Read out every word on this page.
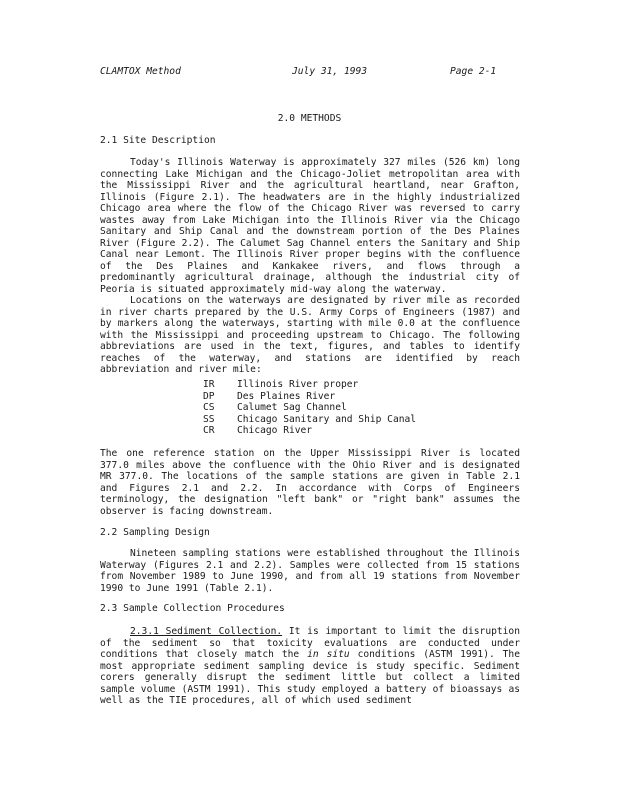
CLAMTOX Method	July 31, 1993	Page 2-1
2.0 METHODS
2.1 Site Description

Today's Illinois Waterway is approximately 327 miles (526 km) long connecting Lake Michigan and the Chicago-Joliet metropolitan area with the Mississippi River and the agricultural heartland, near Grafton, Illinois (Figure 2.1). The headwaters are in the highly industrialized Chicago area where the flow of the Chicago River was reversed to carry wastes away from Lake Michigan into the Illinois River via the Chicago Sanitary and Ship Canal and the downstream portion of the Des Plaines River (Figure 2.2). The Calumet Sag Channel enters the Sanitary and Ship Canal near Lemont. The Illinois River proper begins with the confluence of the Des Plaines and Kankakee rivers, and flows through a predominantly agricultural drainage, although the industrial city of Peoria is situated approximately mid-way along the waterway.

Locations on the waterways are designated by river mile as recorded in river charts prepared by the U.S. Army Corps of Engineers (1987) and by markers along the waterways, starting with mile 0.0 at the confluence with the Mississippi and proceeding upstream to Chicago. The following abbreviations are used in the text, figures, and tables to identify reaches of the waterway, and stations are identified by reach abbreviation and river mile:

IR Illinois River proper
DP Des Plaines River
CS Calumet Sag Channel
SS Chicago Sanitary and Ship Canal
CR Chicago River

The one reference station on the Upper Mississippi River is located 377.0 miles above the confluence with the Ohio River and is designated MR 377.0. The locations of the sample stations are given in Table 2.1 and Figures 2.1 and 2.2. In accordance with Corps of Engineers terminology, the designation "left bank" or "right bank" assumes the observer is facing downstream.

2.2 Sampling Design

Nineteen sampling stations were established throughout the Illinois Waterway (Figures 2.1 and 2.2). Samples were collected from 15 stations from November 1989 to June 1990, and from all 19 stations from November 1990 to June 1991 (Table 2.1).

2.3 Sample Collection Procedures

2.3.1 Sediment Collection. It is important to limit the disruption of the sediment so that toxicity evaluations are conducted under conditions that closely match the in situ conditions (ASTM 1991). The most appropriate sediment sampling device is study specific. Sediment corers generally disrupt the sediment little but collect a limited sample volume (ASTM 1991). This study employed a battery of bioassays as well as the TIE procedures, all of which used sediment
